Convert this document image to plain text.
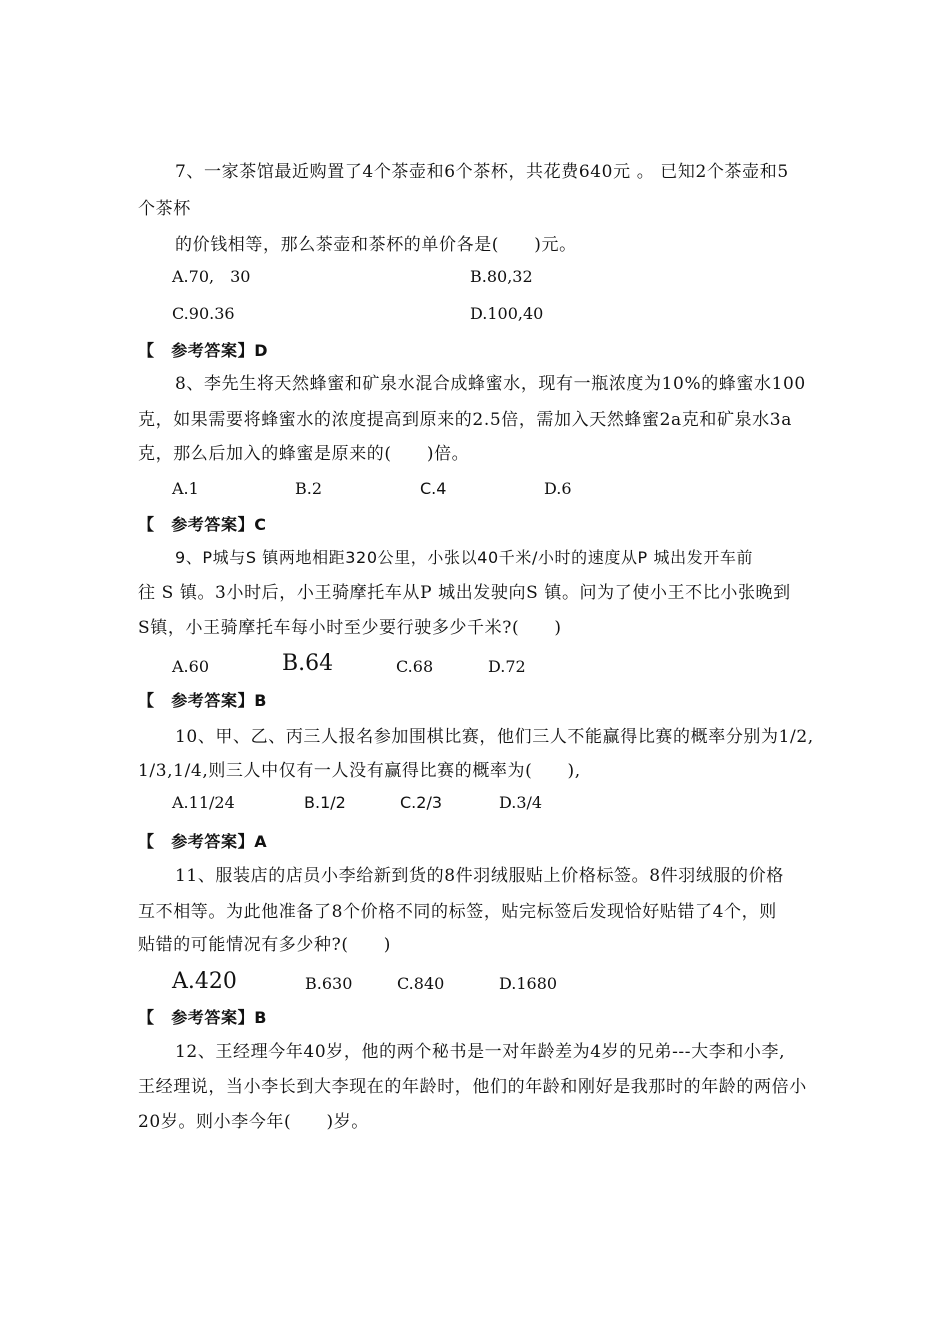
7、一家茶馆最近购置了4个茶壶和6个茶杯，共花费640元 。 已知2个茶壶和5
个茶杯
的价钱相等，那么茶壶和茶杯的单价各是(　　)元。
A.70,　30	B.80,32
C.90.36	D.100,40
【　参考答案】D
8、李先生将天然蜂蜜和矿泉水混合成蜂蜜水，现有一瓶浓度为10%的蜂蜜水100
克，如果需要将蜂蜜水的浓度提高到原来的2.5倍，需加入天然蜂蜜2a克和矿泉水3a
克，那么后加入的蜂蜜是原来的(　　)倍。
A.1	B.2	C.4	D.6
【　参考答案】C
9、P城与S 镇两地相距320公里，小张以40千米/小时的速度从P 城出发开车前
往 S 镇。3小时后，小王骑摩托车从P 城出发驶向S 镇。问为了使小王不比小张晚到
S镇，小王骑摩托车每小时至少要行驶多少千米?(　　)
A.60	B.64	C.68	D.72
【　参考答案】B
10、甲、乙、丙三人报名参加围棋比赛，他们三人不能赢得比赛的概率分别为1/2,
1/3,1/4,则三人中仅有一人没有赢得比赛的概率为(　　),
A.11/24	B.1/2	C.2/3	D.3/4
【　参考答案】A
11、服装店的店员小李给新到货的8件羽绒服贴上价格标签。8件羽绒服的价格
互不相等。为此他准备了8个价格不同的标签，贴完标签后发现恰好贴错了4个，则
贴错的可能情况有多少种?(　　)
A.420	B.630	C.840	D.1680
【　参考答案】B
12、王经理今年40岁，他的两个秘书是一对年龄差为4岁的兄弟---大李和小李,
王经理说，当小李长到大李现在的年龄时，他们的年龄和刚好是我那时的年龄的两倍小
20岁。则小李今年(　　)岁。
